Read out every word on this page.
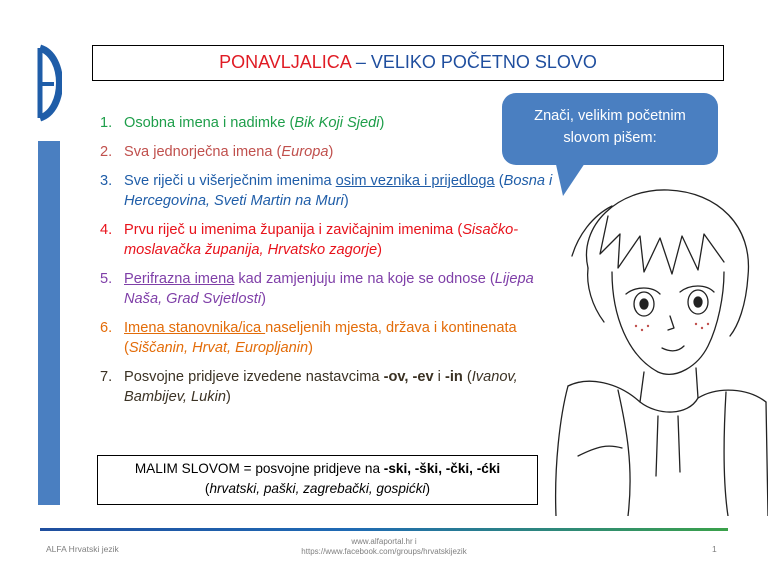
PONAVLJALICA – VELIKO POČETNO SLOVO
1. Osobna imena i nadimke (Bik Koji Sjedi)
2. Sva jednorječna imena (Europa)
3. Sve riječi u višerječnim imenima osim veznika i prijedloga (Bosna i Hercegovina, Sveti Martin na Muri)
4. Prvu riječ u imenima županija i zavičajnim imenima (Sisačko-moslavačka županija, Hrvatsko zagorje)
5. Perifrazna imena kad zamjenjuju ime na koje se odnose (Lijepa Naša, Grad Svjetlosti)
6. Imena stanovnika/ica naseljenih mjesta, država i kontinenata (Siščanin, Hrvat, Europljanin)
7. Posvojne pridjeve izvedene nastavcima -ov, -ev i -in (Ivanov, Bambijev, Lukin)
MALIM SLOVOM = posvojne pridjeve na -ski, -ški, -čki, -ćki
(hrvatski, paški, zagrebački, gospićki)
Znači, velikim početnim
slovom pišem:
ALFA Hrvatski jezik
www.alfaportal.hr i
https://www.facebook.com/groups/hrvatskijezik	1
